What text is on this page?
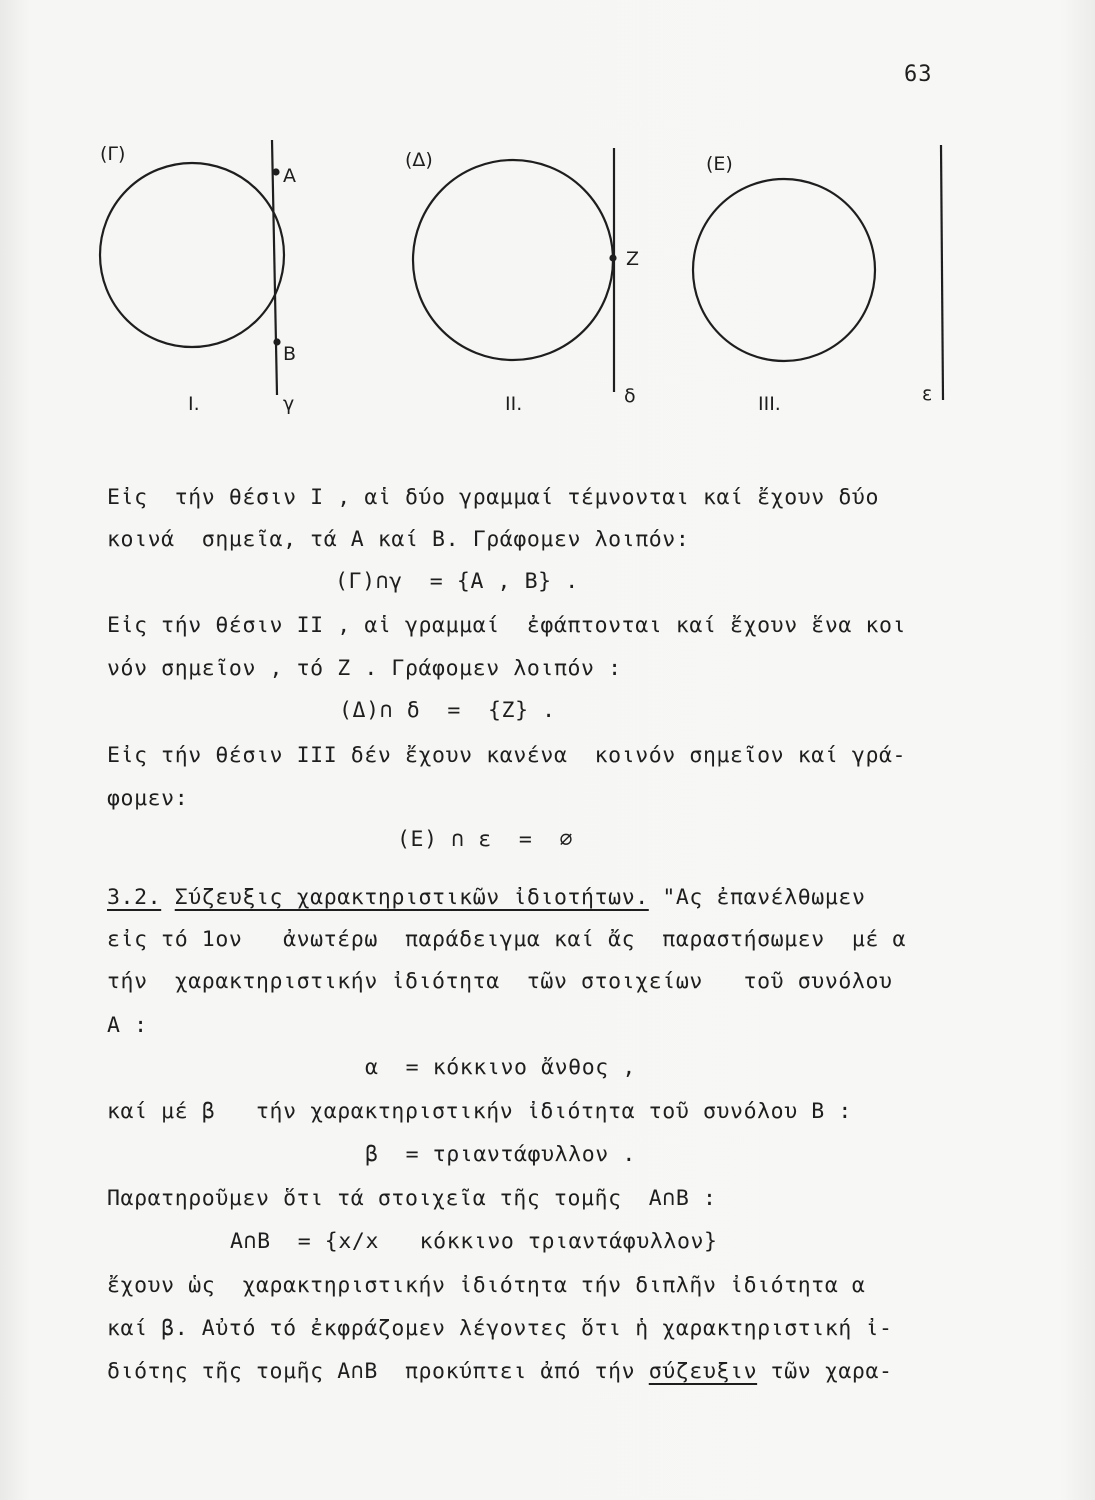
63
(Γ)
A
B
I.	γ
(Δ)
Z
II.	δ
(E)
III.	ε
Εἰς  τήν θέσιν I , αἱ δύο γραμμαί τέμνονται καί ἔχουν δύο
κοινά  σημεῖα, τά A καί B. Γράφομεν λοιπόν:
(Γ)∩γ  = {A , B} .
Εἰς τήν θέσιν II , αἱ γραμμαί  ἐφάπτονται καί ἔχουν ἕνα κοι
νόν σημεῖον , τό Z . Γράφομεν λοιπόν :
(Δ)∩ δ  =  {Z} .
Εἰς τήν θέσιν III δέν ἔχουν κανένα  κοινόν σημεῖον καί γρά-
φομεν:
(E) ∩ ε  =  ∅
3.2. Σύζευξις χαρακτηριστικῶν ἰδιοτήτων. "Ας ἐπανέλθωμεν
εἰς τό 1ον   ἀνωτέρω  παράδειγμα καί ἄς  παραστήσωμεν  μέ α
τήν  χαρακτηριστικήν ἰδιότητα  τῶν στοιχείων   τοῦ συνόλου
A :
α  = κόκκινο ἄνθος ,
καί μέ β   τήν χαρακτηριστικήν ἰδιότητα τοῦ συνόλου B :
β  = τριαντάφυλλον .
Παρατηροῦμεν ὅτι τά στοιχεῖα τῆς τομῆς  A∩B :
A∩B  = {x/x   κόκκινο τριαντάφυλλον}
ἔχουν ὡς  χαρακτηριστικήν ἰδιότητα τήν διπλῆν ἰδιότητα α
καί β. Αὐτό τό ἐκφράζομεν λέγοντες ὅτι ἡ χαρακτηριστική ἰ-
διότης τῆς τομῆς A∩B  προκύπτει ἀπό τήν σύζευξιν τῶν χαρα-
